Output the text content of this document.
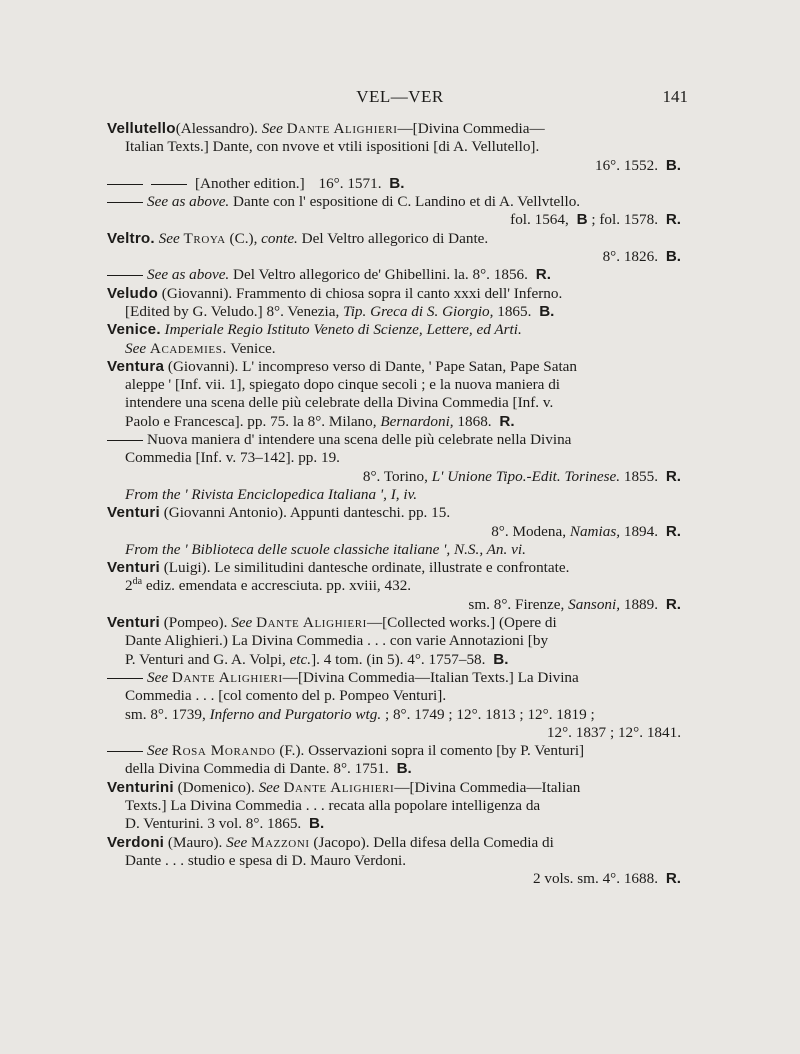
VEL—VER	141
Vellutello(Alessandro). See Dante Alighieri—[Divina Commedia—
Italian Texts.] Dante, con nvove et vtili ispositioni [di A. Vellutello].
16°. 1552. B.
[Another edition.] 16°. 1571. B.
See as above. Dante con l' espositione di C. Landino et di A. Vellvtello.
fol. 1564, B ; fol. 1578. R.
Veltro. See Troya (C.), conte. Del Veltro allegorico di Dante.
8°. 1826. B.
See as above. Del Veltro allegorico de' Ghibellini. la. 8°. 1856. R.
Veludo (Giovanni). Frammento di chiosa sopra il canto xxxi dell' Inferno.
[Edited by G. Veludo.] 8°. Venezia, Tip. Greca di S. Giorgio, 1865. B.
Venice. Imperiale Regio Istituto Veneto di Scienze, Lettere, ed Arti.
See Academies. Venice.
Ventura (Giovanni). L' incompreso verso di Dante, ' Pape Satan, Pape Satan
aleppe ' [Inf. vii. 1], spiegato dopo cinque secoli ; e la nuova maniera di
intendere una scena delle più celebrate della Divina Commedia [Inf. v.
Paolo e Francesca]. pp. 75. la 8°. Milano, Bernardoni, 1868. R.
Nuova maniera d' intendere una scena delle più celebrate nella Divina
Commedia [Inf. v. 73–142]. pp. 19.
8°. Torino, L' Unione Tipo.-Edit. Torinese. 1855. R.
From the ' Rivista Enciclopedica Italiana ', I, iv.
Venturi (Giovanni Antonio). Appunti danteschi. pp. 15.
8°. Modena, Namias, 1894. R.
From the ' Biblioteca delle scuole classiche italiane ', N.S., An. vi.
Venturi (Luigi). Le similitudini dantesche ordinate, illustrate e confrontate.
$2^{da}$ ediz. emendata e accresciuta. pp. xviii, 432.
sm. 8°. Firenze, Sansoni, 1889. R.
Venturi (Pompeo). See Dante Alighieri—[Collected works.] (Opere di
Dante Alighieri.) La Divina Commedia . . . con varie Annotazioni [by
P. Venturi and G. A. Volpi, etc.]. 4 tom. (in 5). 4°. 1757–58. B.
See Dante Alighieri—[Divina Commedia—Italian Texts.] La Divina
Commedia . . . [col comento del p. Pompeo Venturi].
sm. 8°. 1739, Inferno and Purgatorio wtg. ; 8°. 1749 ; 12°. 1813 ; 12°. 1819 ;
12°. 1837 ; 12°. 1841.
See Rosa Morando (F.). Osservazioni sopra il comento [by P. Venturi]
della Divina Commedia di Dante. 8°. 1751. B.
Venturini (Domenico). See Dante Alighieri—[Divina Commedia—Italian
Texts.] La Divina Commedia . . . recata alla popolare intelligenza da
D. Venturini. 3 vol. 8°. 1865. B.
Verdoni (Mauro). See Mazzoni (Jacopo). Della difesa della Comedia di
Dante . . . studio e spesa di D. Mauro Verdoni.
2 vols. sm. 4°. 1688. R.
